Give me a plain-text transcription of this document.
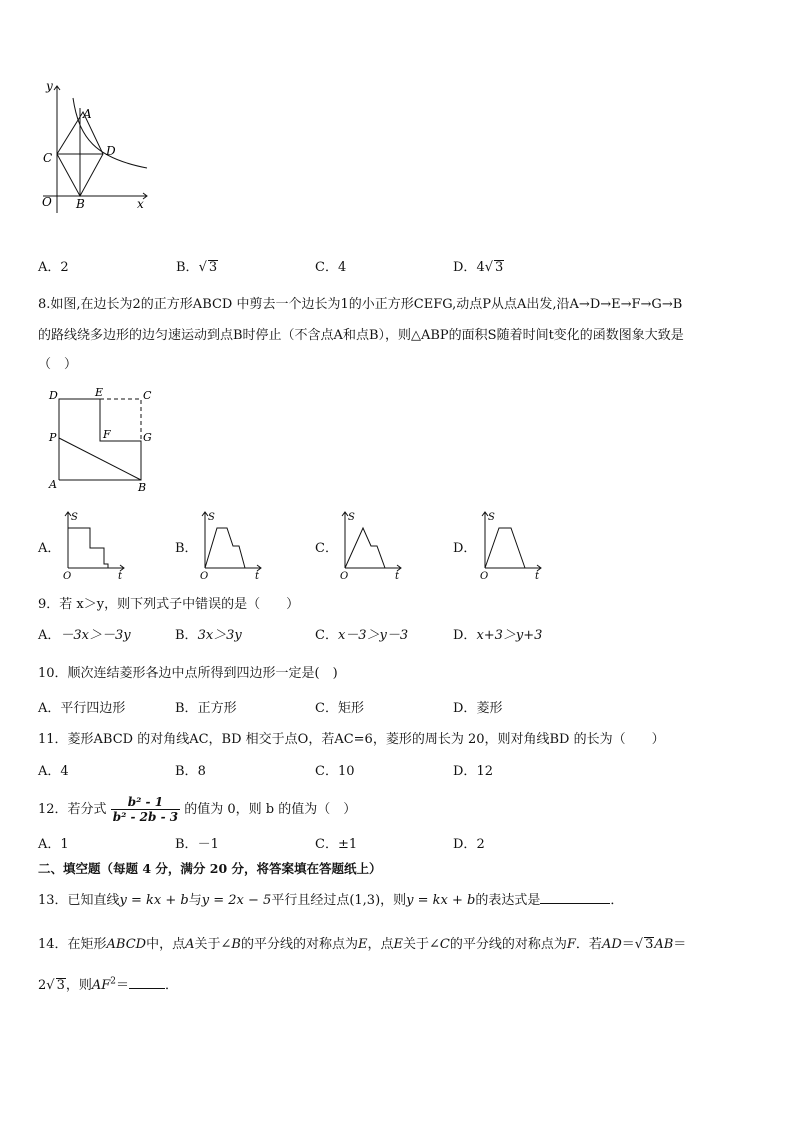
y
A
C	D
O B	x
A．2	B．√ 3	C．4	D．4√ 3
8.如图,在边长为2的正方形ABCD 中剪去一个边长为1的小正方形CEFG,动点P从点A出发,沿A→D→E→F→G→B
的路线绕多边形的边匀速运动到点B时停止（不含点A和点B），则△ABP的面积S随着时间t变化的函数图象大致是
（　）
D	E	C
P	F	G
A	B
A．
S
O	t
B．
S
O	t
C．
S
O	t
D．
S
O	t
9．若 x＞y，则下列式子中错误的是（　　）
A．－3x＞－3y	B．3x＞3y	C．x－3＞y－3	D．x+3＞y+3
10．顺次连结菱形各边中点所得到四边形一定是(　)
A．平行四边形	B．正方形	C．矩形	D．菱形
11．菱形ABCD 的对角线AC，BD 相交于点O，若AC=6，菱形的周长为 20，则对角线BD 的长为（　　）
A．4	B．8	C．10	D．12
12．若分式 $\frac{\text{b² - 1}}{\text{b² - 2b - 3}}$ 的值为 0，则 b 的值为（　）
A．1	B．－1	C．±1	D．2
二、填空题（每题 4 分，满分 20 分，将答案填在答题纸上）
13．已知直线y = kx + b与y = 2x − 5平行且经过点(1,3)，则y = kx + b的表达式是	．
14．在矩形ABCD中，点A关于∠B的平分线的对称点为E，点E关于∠C的平分线的对称点为F．若AD＝√ 3AB＝
2√ 3，则$AF^2=$	．
